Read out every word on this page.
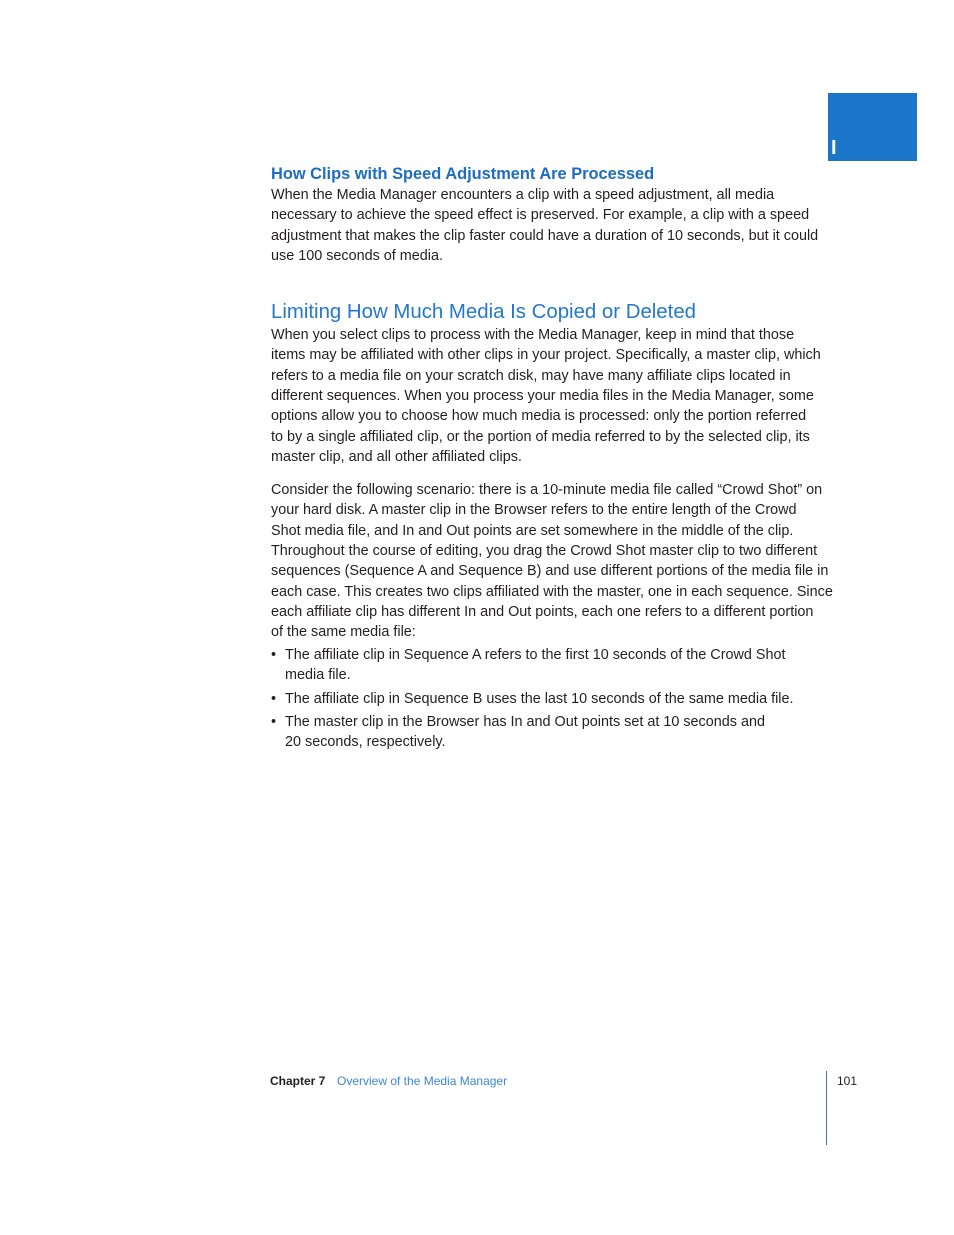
I
How Clips with Speed Adjustment Are Processed
When the Media Manager encounters a clip with a speed adjustment, all media
necessary to achieve the speed effect is preserved. For example, a clip with a speed
adjustment that makes the clip faster could have a duration of 10 seconds, but it could
use 100 seconds of media.
Limiting How Much Media Is Copied or Deleted
When you select clips to process with the Media Manager, keep in mind that those
items may be affiliated with other clips in your project. Specifically, a master clip, which
refers to a media file on your scratch disk, may have many affiliate clips located in
different sequences. When you process your media files in the Media Manager, some
options allow you to choose how much media is processed: only the portion referred
to by a single affiliated clip, or the portion of media referred to by the selected clip, its
master clip, and all other affiliated clips.
Consider the following scenario: there is a 10-minute media file called “Crowd Shot” on
your hard disk. A master clip in the Browser refers to the entire length of the Crowd
Shot media file, and In and Out points are set somewhere in the middle of the clip.
Throughout the course of editing, you drag the Crowd Shot master clip to two different
sequences (Sequence A and Sequence B) and use different portions of the media file in
each case. This creates two clips affiliated with the master, one in each sequence. Since
each affiliate clip has different In and Out points, each one refers to a different portion
of the same media file:
• The affiliate clip in Sequence A refers to the first 10 seconds of the Crowd Shot
media file.
• The affiliate clip in Sequence B uses the last 10 seconds of the same media file.
• The master clip in the Browser has In and Out points set at 10 seconds and
20 seconds, respectively.
Chapter 7 Overview of the Media Manager	101
